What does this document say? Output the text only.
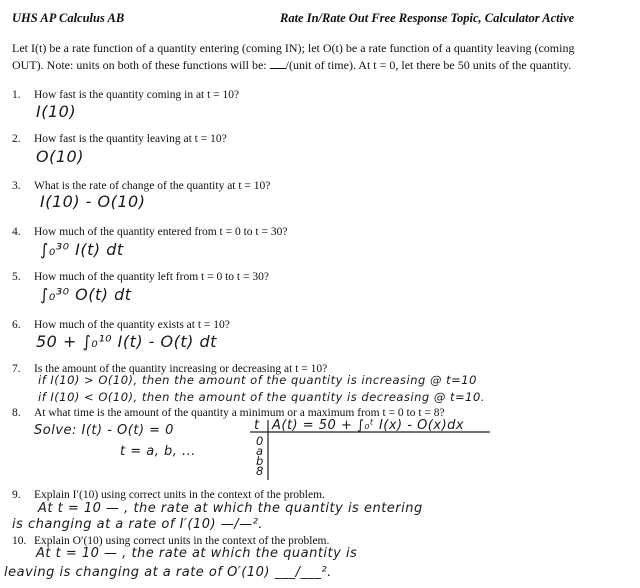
UHS AP Calculus AB	Rate In/Rate Out Free Response Topic, Calculator Active
Let I(t) be a rate function of a quantity entering (coming IN); let O(t) be a rate function of a quantity leaving (coming
OUT). Note: units on both of these functions will be: /(unit of time). At t = 0, let there be 50 units of the quantity.
1. How fast is the quantity coming in at t = 10?
I(10)
2. How fast is the quantity leaving at t = 10?
O(10)
3. What is the rate of change of the quantity at t = 10?
I(10) - O(10)
4. How much of the quantity entered from t = 0 to t = 30?
∫₀³⁰ I(t) dt
5. How much of the quantity left from t = 0 to t = 30?
∫₀³⁰ O(t) dt
6. How much of the quantity exists at t = 10?
50 + ∫₀¹⁰ I(t) - O(t) dt
7. Is the amount of the quantity increasing or decreasing at t = 10?
if I(10) > O(10), then the amount of the quantity is increasing @ t=10
if I(10) < O(10), then the amount of the quantity is decreasing @ t=10.
8. At what time is the amount of the quantity a minimum or a maximum from t = 0 to t = 8?
Solve: I(t) - O(t) = 0
t = a, b, ...
t A(t) = 50 + ∫₀ᵗ I(x) - O(x)dx
0
a
b
8
9. Explain I′(10) using correct units in the context of the problem.
At t = 10 — , the rate at which the quantity is entering
is changing at a rate of I′(10) —/—².
10. Explain O′(10) using correct units in the context of the problem.
At t = 10 — , the rate at which the quantity is
leaving is changing at a rate of O′(10) ___/___².
